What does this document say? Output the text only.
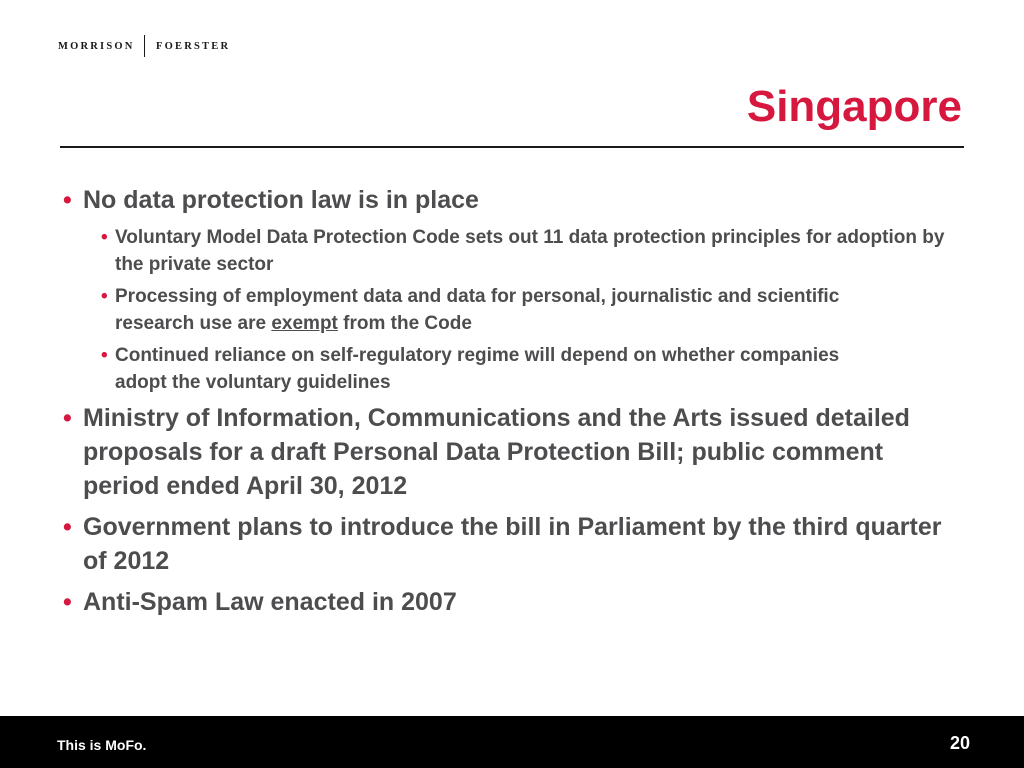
MORRISON FOERSTER
Singapore
• No data protection law is in place
• Voluntary Model Data Protection Code sets out 11 data protection principles for adoption by the private sector
• Processing of employment data and data for personal, journalistic and scientific research use are exempt from the Code
• Continued reliance on self-regulatory regime will depend on whether companies adopt the voluntary guidelines
• Ministry of Information, Communications and the Arts issued detailed proposals for a draft Personal Data Protection Bill; public comment period ended April 30, 2012
• Government plans to introduce the bill in Parliament by the third quarter of 2012
• Anti-Spam Law enacted in 2007
This is MoFo.	20
